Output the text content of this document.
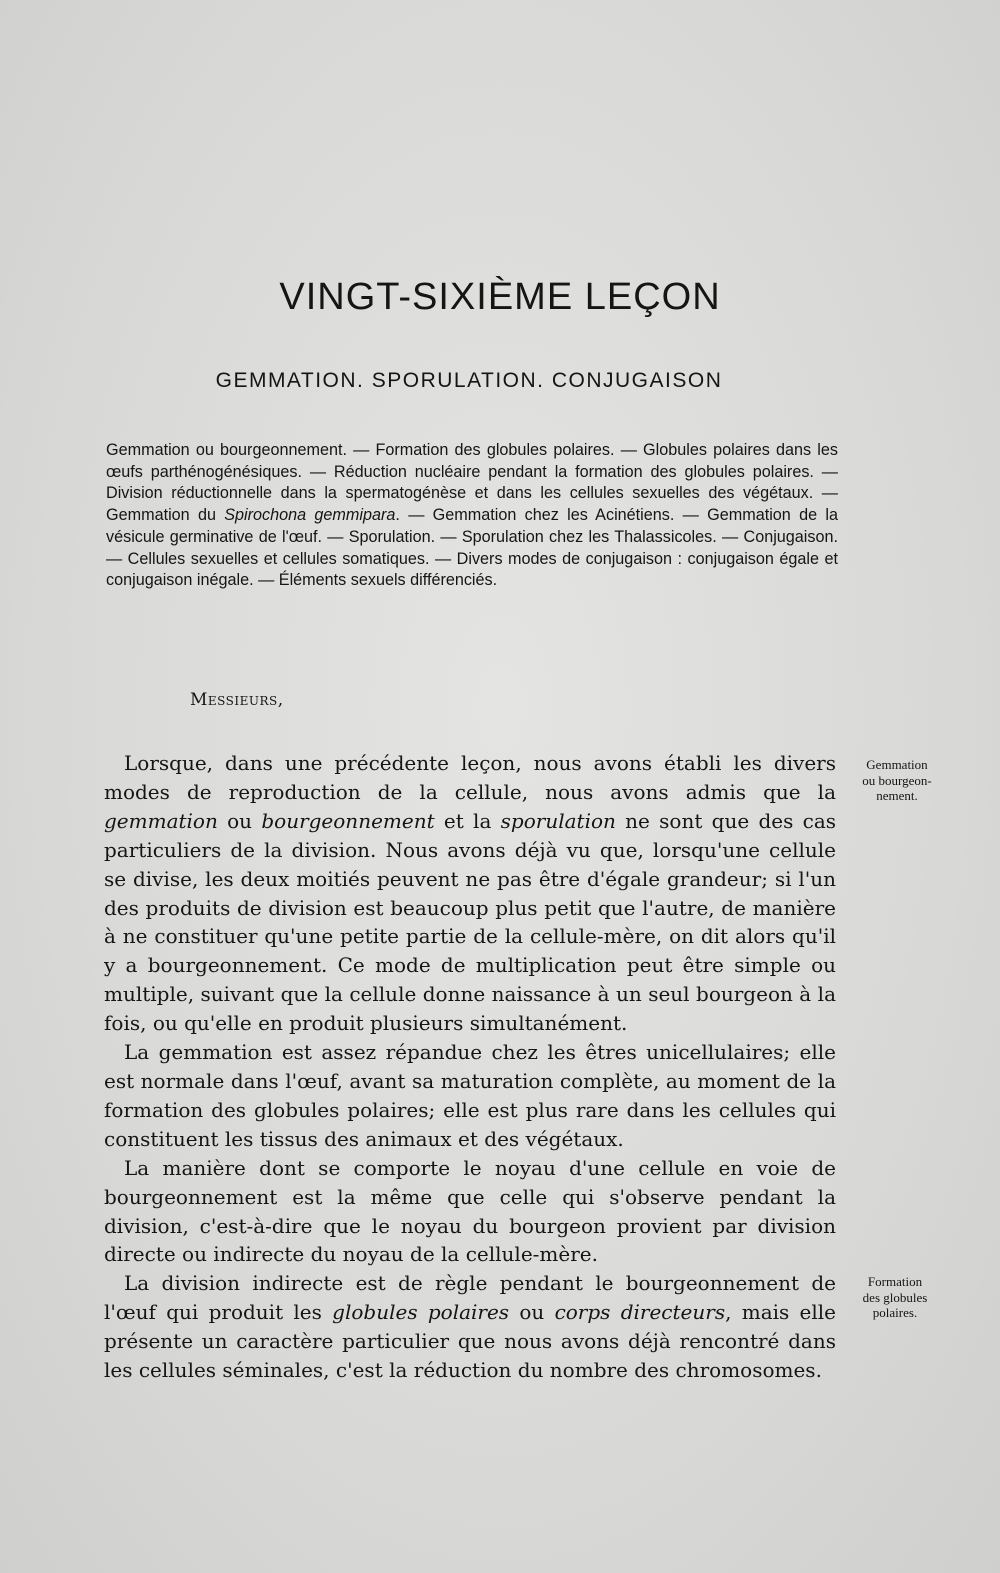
VINGT-SIXIÈME LEÇON
GEMMATION. SPORULATION. CONJUGAISON

Gemmation ou bourgeonnement. — Formation des globules polaires. — Globules polaires dans les œufs parthénogénésiques. — Réduction nucléaire pendant la formation des globules polaires. — Division réductionnelle dans la spermatogénèse et dans les cellules sexuelles des végétaux. — Gemmation du Spirochona gemmipara. — Gemmation chez les Acinétiens. — Gemmation de la vésicule germinative de l'œuf. — Sporulation. — Sporulation chez les Thalassicoles. — Conjugaison. — Cellules sexuelles et cellules somatiques. — Divers modes de conjugaison : conjugaison égale et conjugaison inégale. — Éléments sexuels différenciés.

Messieurs,

Lorsque, dans une précédente leçon, nous avons établi les divers modes de reproduction de la cellule, nous avons admis que la gemmation ou bourgeonnement et la sporulation ne sont que des cas particuliers de la division. Nous avons déjà vu que, lorsqu'une cellule se divise, les deux moitiés peuvent ne pas être d'égale grandeur; si l'un des produits de division est beaucoup plus petit que l'autre, de manière à ne constituer qu'une petite partie de la cellule-mère, on dit alors qu'il y a bourgeonnement. Ce mode de multiplication peut être simple ou multiple, suivant que la cellule donne naissance à un seul bourgeon à la fois, ou qu'elle en produit plusieurs simultanément.

La gemmation est assez répandue chez les êtres unicellulaires; elle est normale dans l'œuf, avant sa maturation complète, au moment de la formation des globules polaires; elle est plus rare dans les cellules qui constituent les tissus des animaux et des végétaux.

La manière dont se comporte le noyau d'une cellule en voie de bourgeonnement est la même que celle qui s'observe pendant la division, c'est-à-dire que le noyau du bourgeon provient par division directe ou indirecte du noyau de la cellule-mère.

La division indirecte est de règle pendant le bourgeonnement de l'œuf qui produit les globules polaires ou corps directeurs, mais elle présente un caractère particulier que nous avons déjà rencontré dans les cellules séminales, c'est la réduction du nombre des chromosomes.

Gemmation
ou bourgeon-
nement.
Formation
des globules
polaires.
